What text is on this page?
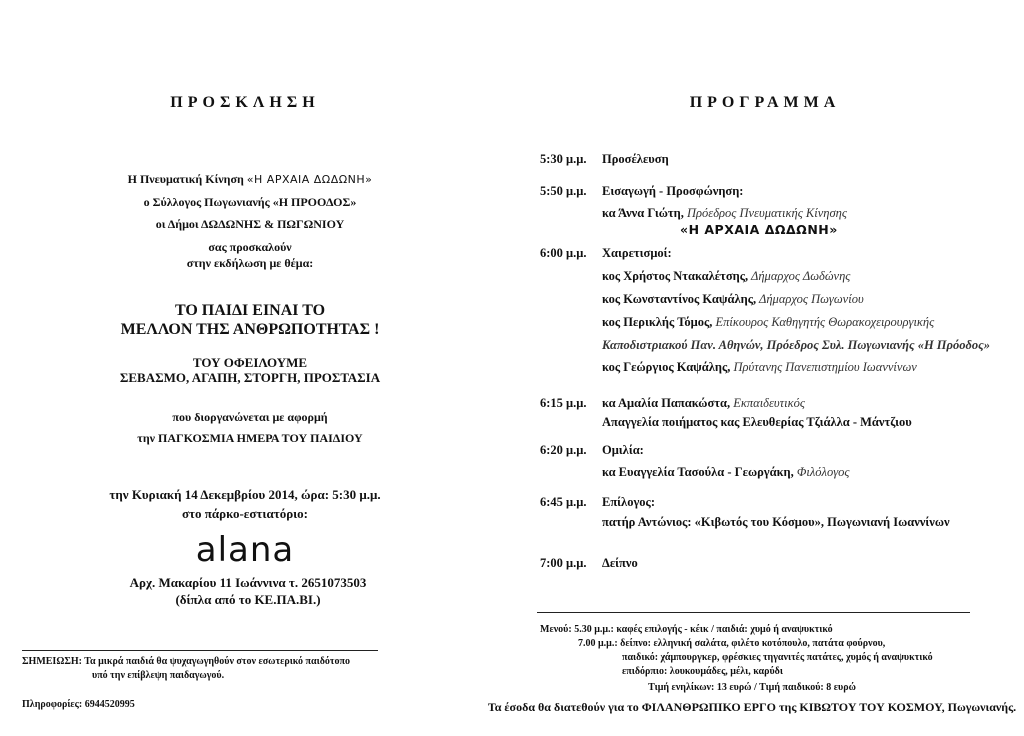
ΠΡΟΣΚΛΗΣΗ
Η Πνευματική Κίνηση «Η ΑΡΧΑΙΑ ΔΩΔΩΝΗ»
ο Σύλλογος Πωγωνιανής «Η ΠΡΟΟΔΟΣ»
οι Δήμοι ΔΩΔΩΝΗΣ & ΠΩΓΩΝΙΟΥ
σας προσκαλούν
στην εκδήλωση με θέμα:
ΤΟ ΠΑΙΔΙ ΕΙΝΑΙ ΤΟ
ΜΕΛΛΟΝ ΤΗΣ ΑΝΘΡΩΠΟΤΗΤΑΣ !
ΤΟΥ ΟΦΕΙΛΟΥΜΕ
ΣΕΒΑΣΜΟ, ΑΓΑΠΗ, ΣΤΟΡΓΗ, ΠΡΟΣΤΑΣΙΑ
που διοργανώνεται με αφορμή
την ΠΑΓΚΟΣΜΙΑ ΗΜΕΡΑ ΤΟΥ ΠΑΙΔΙΟΥ
την Κυριακή 14 Δεκεμβρίου 2014, ώρα: 5:30 μ.μ.
στο πάρκο-εστιατόριο:
alana
Αρχ. Μακαρίου 11 Ιωάννινα τ. 2651073503
(δίπλα από το ΚΕ.ΠΑ.ΒΙ.)
ΣΗΜΕΙΩΣΗ: Τα μικρά παιδιά θα ψυχαγωγηθούν στον εσωτερικό παιδότοπο
υπό την επίβλεψη παιδαγωγού.
Πληροφορίες: 6944520995
ΠΡΟΓΡΑΜΜΑ
5:30 μ.μ. Προσέλευση
5:50 μ.μ. Εισαγωγή - Προσφώνηση:
κα Άννα Γιώτη, Πρόεδρος Πνευματικής Κίνησης
«Η ΑΡΧΑΙΑ ΔΩΔΩΝΗ»
6:00 μ.μ. Χαιρετισμοί:
κος Χρήστος Ντακαλέτσης, Δήμαρχος Δωδώνης
κος Κωνσταντίνος Καψάλης, Δήμαρχος Πωγωνίου
κος Περικλής Τόμος, Επίκουρος Καθηγητής Θωρακοχειρουργικής
Καποδιστριακού Παν. Αθηνών, Πρόεδρος Συλ. Πωγωνιανής «Η Πρόοδος»
κος Γεώργιος Καψάλης, Πρύτανης Πανεπιστημίου Ιωαννίνων
6:15 μ.μ. κα Αμαλία Παπακώστα, Εκπαιδευτικός
Απαγγελία ποιήματος κας Ελευθερίας Τζιάλλα - Μάντζιου
6:20 μ.μ. Ομιλία:
κα Ευαγγελία Τασούλα - Γεωργάκη, Φιλόλογος
6:45 μ.μ. Επίλογος:
πατήρ Αντώνιος: «Κιβωτός του Κόσμου», Πωγωνιανή Ιωαννίνων
7:00 μ.μ. Δείπνο
Μενού: 5.30 μ.μ.: καφές επιλογής - κέικ / παιδιά: χυμό ή αναψυκτικό
7.00 μ.μ.: δείπνο: ελληνική σαλάτα, φιλέτο κοτόπουλο, πατάτα φούρνου,
παιδικό: χάμπουργκερ, φρέσκιες τηγανιτές πατάτες, χυμός ή αναψυκτικό
επιδόρπιο: λουκουμάδες, μέλι, καρύδι
Τιμή ενηλίκων: 13 ευρώ / Τιμή παιδικού: 8 ευρώ
Τα έσοδα θα διατεθούν για το ΦΙΛΑΝΘΡΩΠΙΚΟ ΕΡΓΟ της ΚΙΒΩΤΟΥ ΤΟΥ ΚΟΣΜΟΥ, Πωγωνιανής.
